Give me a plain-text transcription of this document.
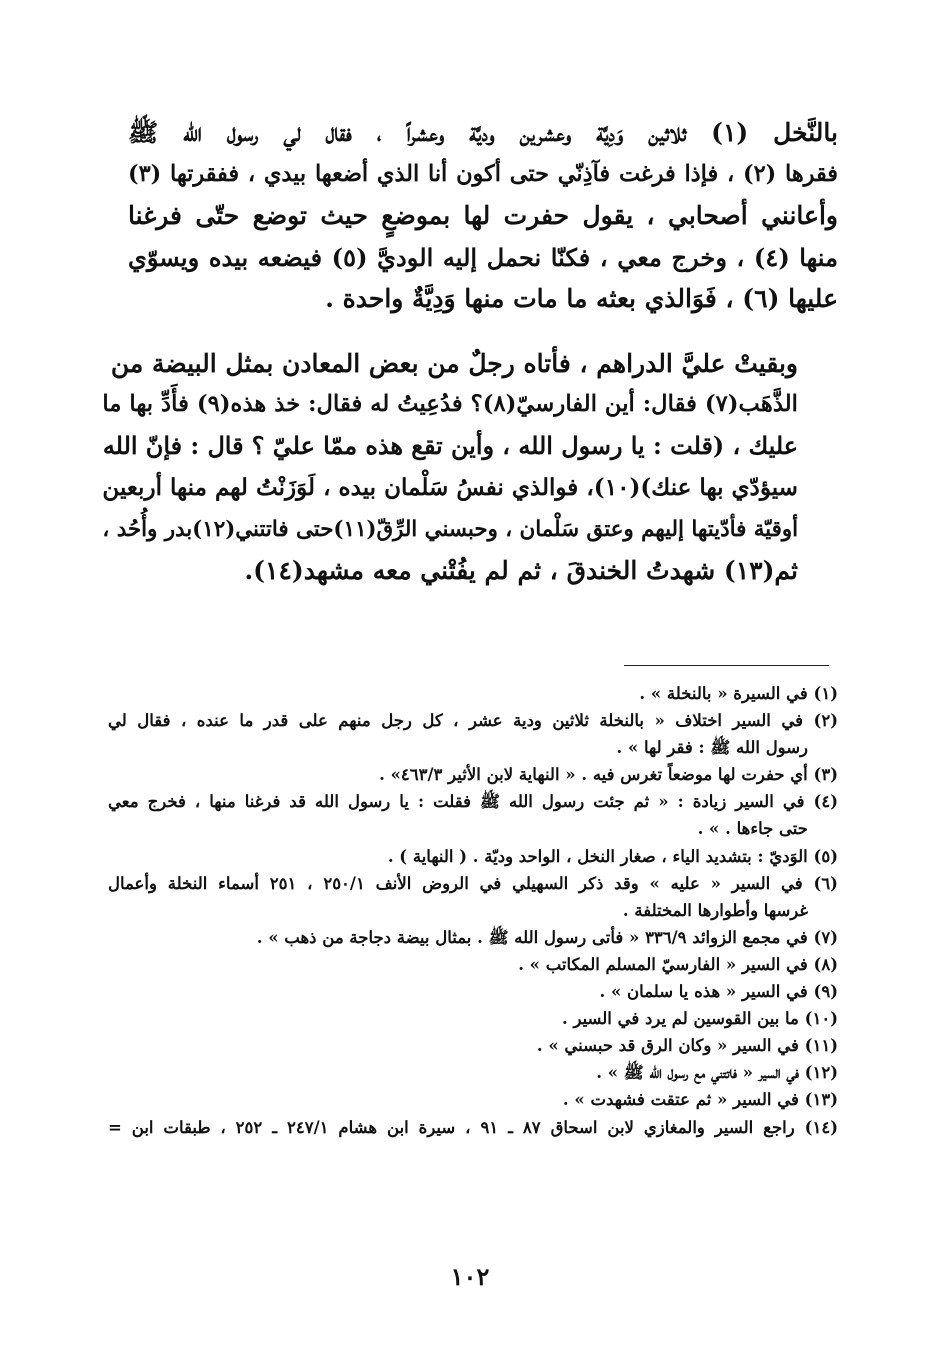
بالنَّخل (١) ثلاثين وَدِيَّة وعشرين وديَّة وعشراً ، فقال لي رسول الله ﷺ
فقرها (٢) ، فإذا فرغت فآذِنّي حتى أكون أنا الذي أضعها بيدي ، ففقرتها (٣)
وأعانني أصحابي ، يقول حفرت لها بموضعٍ حيث توضع حتّى فرغنا
منها (٤) ، وخرج معي ، فكنّا نحمل إليه الوديَّ (٥) فيضعه بيده ويسوّي
عليها (٦) ، فَوَالذي بعثه ما مات منها وَدِيَّةٌ واحدة .

وبقيتْ عليَّ الدراهم ، فأتاه رجلٌ من بعض المعادن بمثل البيضة من
الذَّهَب(٧) فقال: أين الفارسيّ(٨)؟ فدُعِيتُ له فقال: خذ هذه(٩) فأَدِّ بها ما
عليك ، (قلت : يا رسول الله ، وأين تقع هذه ممّا عليّ ؟ قال : فإنّ الله
سيؤدّي بها عنك)(١٠)، فوالذي نفسُ سَلْمان بيده ، لَوَزَنْتُ لهم منها أربعين
أوقيّة فأدّيتها إليهم وعتق سَلْمان ، وحبسني الرِّقّ(١١)حتى فاتتني(١٢)بدر وأُحُد ،
ثم(١٣) شهدتُ الخندقَ ، ثم لم يفُتْني معه مشهد(١٤).

(١) في السيرة « بالنخلة » .
(٢) في السير اختلاف « بالنخلة ثلاثين ودية عشر ، كل رجل منهم على قدر ما عنده ، فقال لي
رسول الله ﷺ : فقر لها » .
(٣) أي حفرت لها موضعاً تغرس فيه . « النهاية لابن الأثير ٤٦٣/٣» .
(٤) في السير زيادة : « ثم جئت رسول الله ﷺ فقلت : يا رسول الله قد فرغنا منها ، فخرج معي
حتى جاءها . » .
(٥) الوَديّ : بتشديد الياء ، صغار النخل ، الواحد وديّة . ( النهاية ) .
(٦) في السير « عليه » وقد ذكر السهيلي في الروض الأنف ٢٥٠/١ ، ٢٥١ أسماء النخلة وأعمال
غرسها وأطوارها المختلفة .
(٧) في مجمع الزوائد ٣٣٦/٩ « فأتى رسول الله ﷺ . بمثال بيضة دجاجة من ذهب » .
(٨) في السير « الفارسيّ المسلم المكاتب » .
(٩) في السير « هذه يا سلمان » .
(١٠) ما بين القوسين لم يرد في السير .
(١١) في السير « وكان الرق قد حبسني » .
(١٢) في السير « فاتتني مع رسول الله ﷺ » .
(١٣) في السير « ثم عتقت فشهدت » .
(١٤) راجع السير والمغازي لابن اسحاق ٨٧ ـ ٩١ ، سيرة ابن هشام ٢٤٧/١ ـ ٢٥٢ ، طبقات ابن =
١٠٢
